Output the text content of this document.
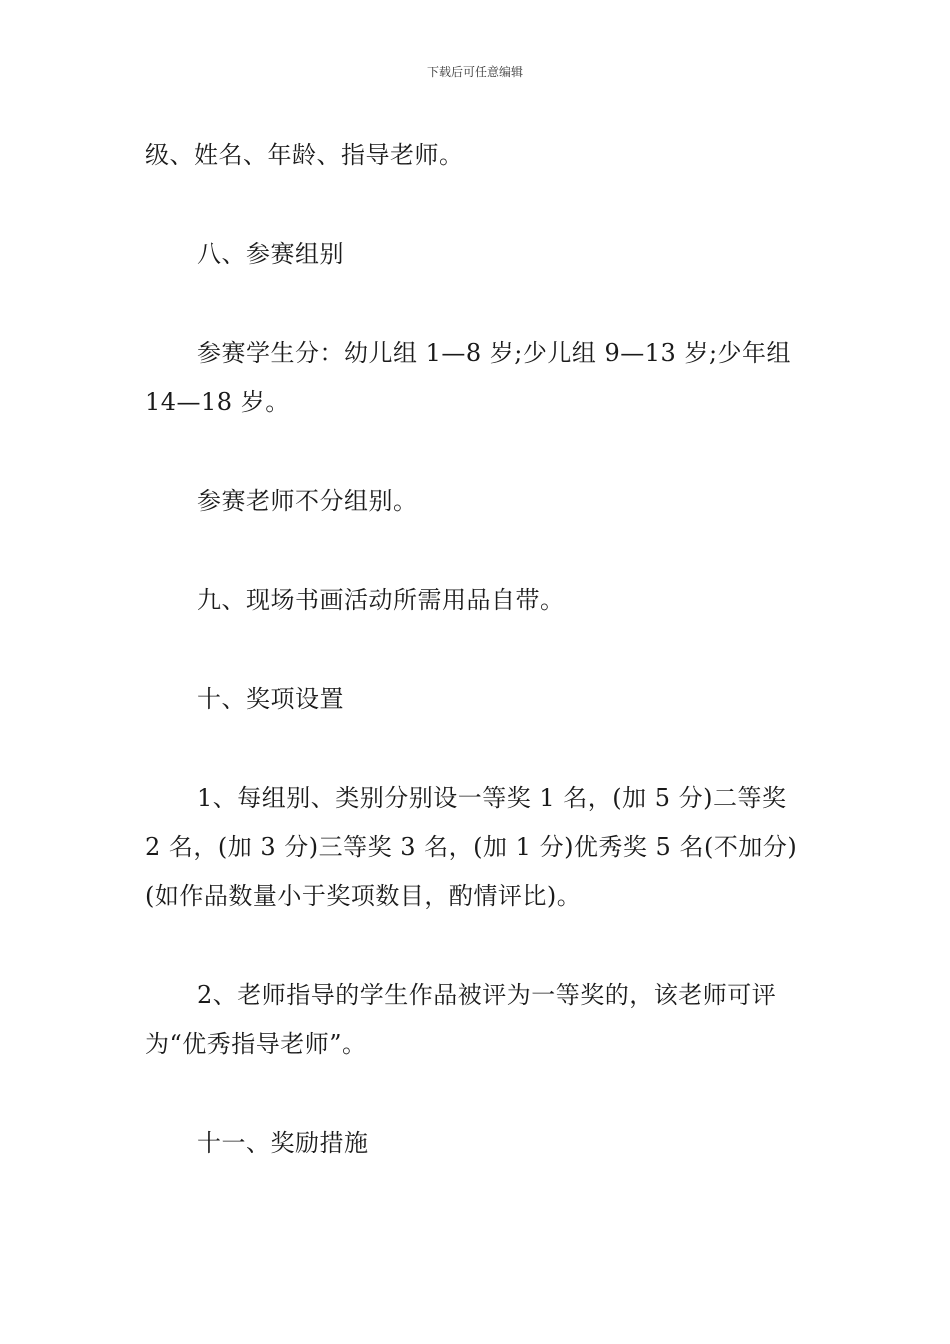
下载后可任意编辑

级、姓名、年龄、指导老师。

八、参赛组别

参赛学生分：幼儿组 1—8 岁;少儿组 9—13 岁;少年组
14—18 岁。

参赛老师不分组别。

九、现场书画活动所需用品自带。

十、奖项设置

1、每组别、类别分别设一等奖 1 名，(加 5 分)二等奖
2 名，(加 3 分)三等奖 3 名，(加 1 分)优秀奖 5 名(不加分)
(如作品数量小于奖项数目，酌情评比)。

2、老师指导的学生作品被评为一等奖的，该老师可评
为“优秀指导老师”。

十一、奖励措施
